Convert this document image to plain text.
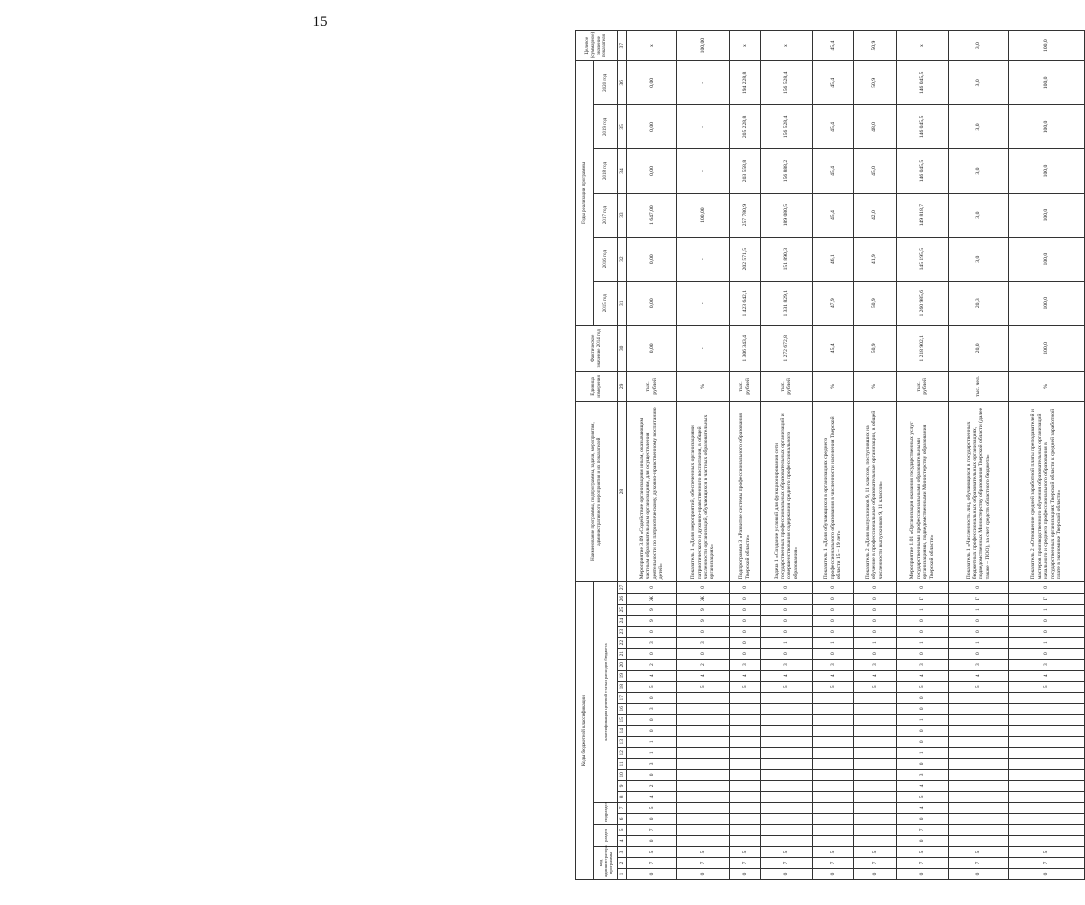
15
Коды бюджетной классификации																											Наименование программы, подпрограммы, задачи, мероприятия, административного мероприятия и их показателей	Единица измерения	Фактическое значение 2014 год	Годы реализации программы						Целевое (суммарное) значение показателя
код администратора программы			раздел		подраздел		классификация целевой статьи расходов бюджета																							2015 год	2016 год	2017 год	2018 год	2019 год	2020 год	
1	2	3	4	5	6	7	8	9	10	11	12	13	14	15	16	17	18	19	20	21	22	23	24	25	26	27	28	29	30	31	32	33	34	35	36	37
0	7	5	0	7	0	5	4	2	0	3	1	1	0	0	3	0	5	4	2	0	3	0	9	9	Ж	0	Мероприятие 3.09 «Содействие организациям иным, оказывающим частным образовательным организациям, для осуществления деятельности по патриотическому, духовно-нравственному воспитанию детей»	тыс. рублей	0,00	0,00	0,00	1 647,00	0,00	0,00	0,00	х
0	7	5															5	4	2	0	3	0	9	9	Ж	0	Показатель 1 «Доля мероприятий, обеспеченных организациями патриотического и духовно-нравственного воспитания, в общей численности организаций, обучающихся в частных образовательных организациях»	%	-	-	-	100,00	-	-	-	100,00
0	7	5															5	4	3	0	0	0	0	0	0	0	Подпрограмма 3 «Развитие системы профессионального образования Тверской области»	тыс. рублей	1 306 343,4	1 423 642,1	202 571,5	257 780,9	203 558,8	205 228,8	194 228,8	х
0	7	5															5	4	3	0	1	0	0	0	0	0	Задача 1 «Создание условий для функционирования сети государственных профессиональных образовательных организаций и совершенствования содержания среднего профессионального образования»	тыс. рублей	1 272 672,8	1 331 829,1	151 890,3	189 080,5	156 888,2	156 528,4	156 528,4	х
0	7	5															5	4	3	0	1	0	0	0	0	0	Показатель 1 «Доля обучающихся в организациях среднего профессионального образования в численности населения Тверской области 15 – 19 лет»	%	45,4	47,9	46,1	45,4	45,4	45,4	45,4	45,4
0	7	5															5	4	3	0	1	0	0	0	0	0	Показатель 2 «Доля выпускников 9, 11 классов, поступивших на обучение в профессиональные образовательные организации, в общей численности выпускников 9, 11 классов»	%	50,9	50,9	41,9	42,0	45,0	48,0	50,9	50,9
0	7	5	0	7	0	4	5	4	3	0	1	0	0	1	0	0	5	4	3	0	1	0	0	1	Г	0	Мероприятие 1.01 «Организация оказания государственных услуг государственными профессиональными образовательными организациями, подведомственными Министерству образования Тверской области»	тыс. рублей	1 218 902,1	1 260 985,6	145 195,5	149 818,7	146 045,5	146 045,5	146 045,5	х
0	7	5															5	4	3	0	1	0	0	1	Г	0	Показатель 1 «Численность лиц, обучающихся в государственных бюджетных профессиональных образовательных организациях, подведомственных Министерству образования Тверской области (далее также – ПОО), за счет средств областного бюджета»	тыс. чел.	20,0	20,3	3,0	3,0	3,0	3,0	3,0	3,0
0	7	5															5	4	3	0	1	0	0	1	Г	0	Показатель 2 «Отношение средней заработной платы преподавателей и мастеров производственного обучения образовательных организаций начального и среднего профессионального образования в государственных организациях Тверской области к средней заработной плате в экономике Тверской области»	%	100,0	100,0	100,0	100,0	100,0	100,0	100,0	100,0
